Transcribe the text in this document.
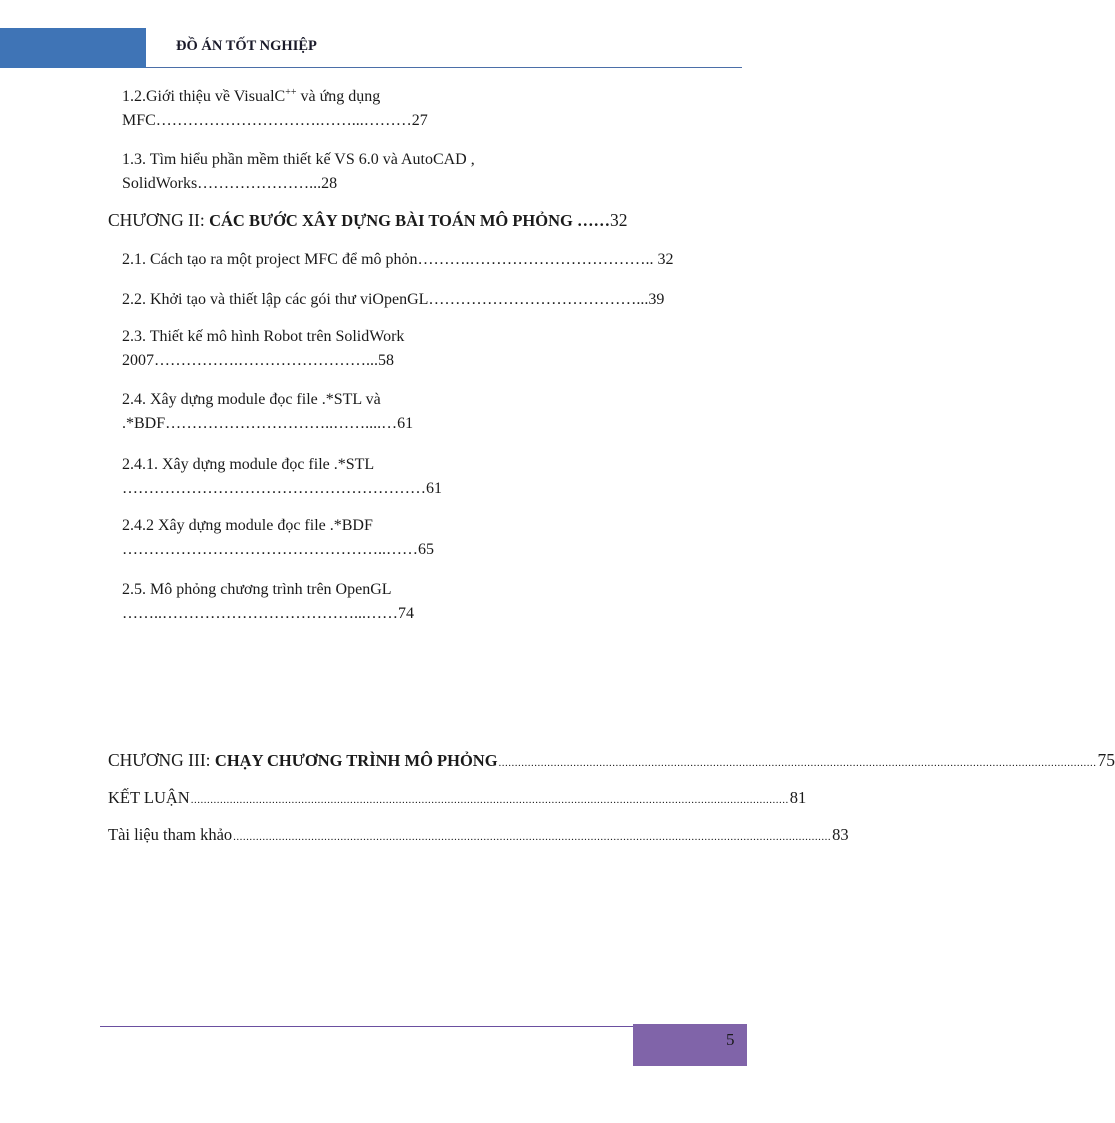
ĐỒ ÁN TỐT NGHIỆP
1.2.Giới thiệu về VisualC++ và ứng dụng
MFC………………………….……...………27
1.3. Tìm hiểu phần mềm thiết kế VS 6.0 và AutoCAD ,
SolidWorks…………………...28
CHƯƠNG II: CÁC BƯỚC XÂY DỰNG BÀI TOÁN MÔ PHỎNG ……32
2.1. Cách tạo ra một project MFC để mô phỏn……….…………………………….. 32
2.2. Khởi tạo và thiết lập các gói thư viOpenGL…………………………………...39
2.3. Thiết kế mô hình Robot trên SolidWork
2007…………….……………………...58
2.4. Xây dựng module đọc file .*STL và
.*BDF…………………………..……....…61
2.4.1. Xây dựng module đọc file .*STL
…………………………………………………61
2.4.2 Xây dựng module đọc file .*BDF
…………………………………………..……65
2.5. Mô phỏng chương trình trên OpenGL
……..………………………………...……74
CHƯƠNG III: CHẠY CHƯƠNG TRÌNH MÔ PHỎNG ........................................................................................................................................................................................ 75
KẾT LUẬN ........................................................................................................................................................................................ 81
Tài liệu tham khảo ........................................................................................................................................................................................ 83
5
